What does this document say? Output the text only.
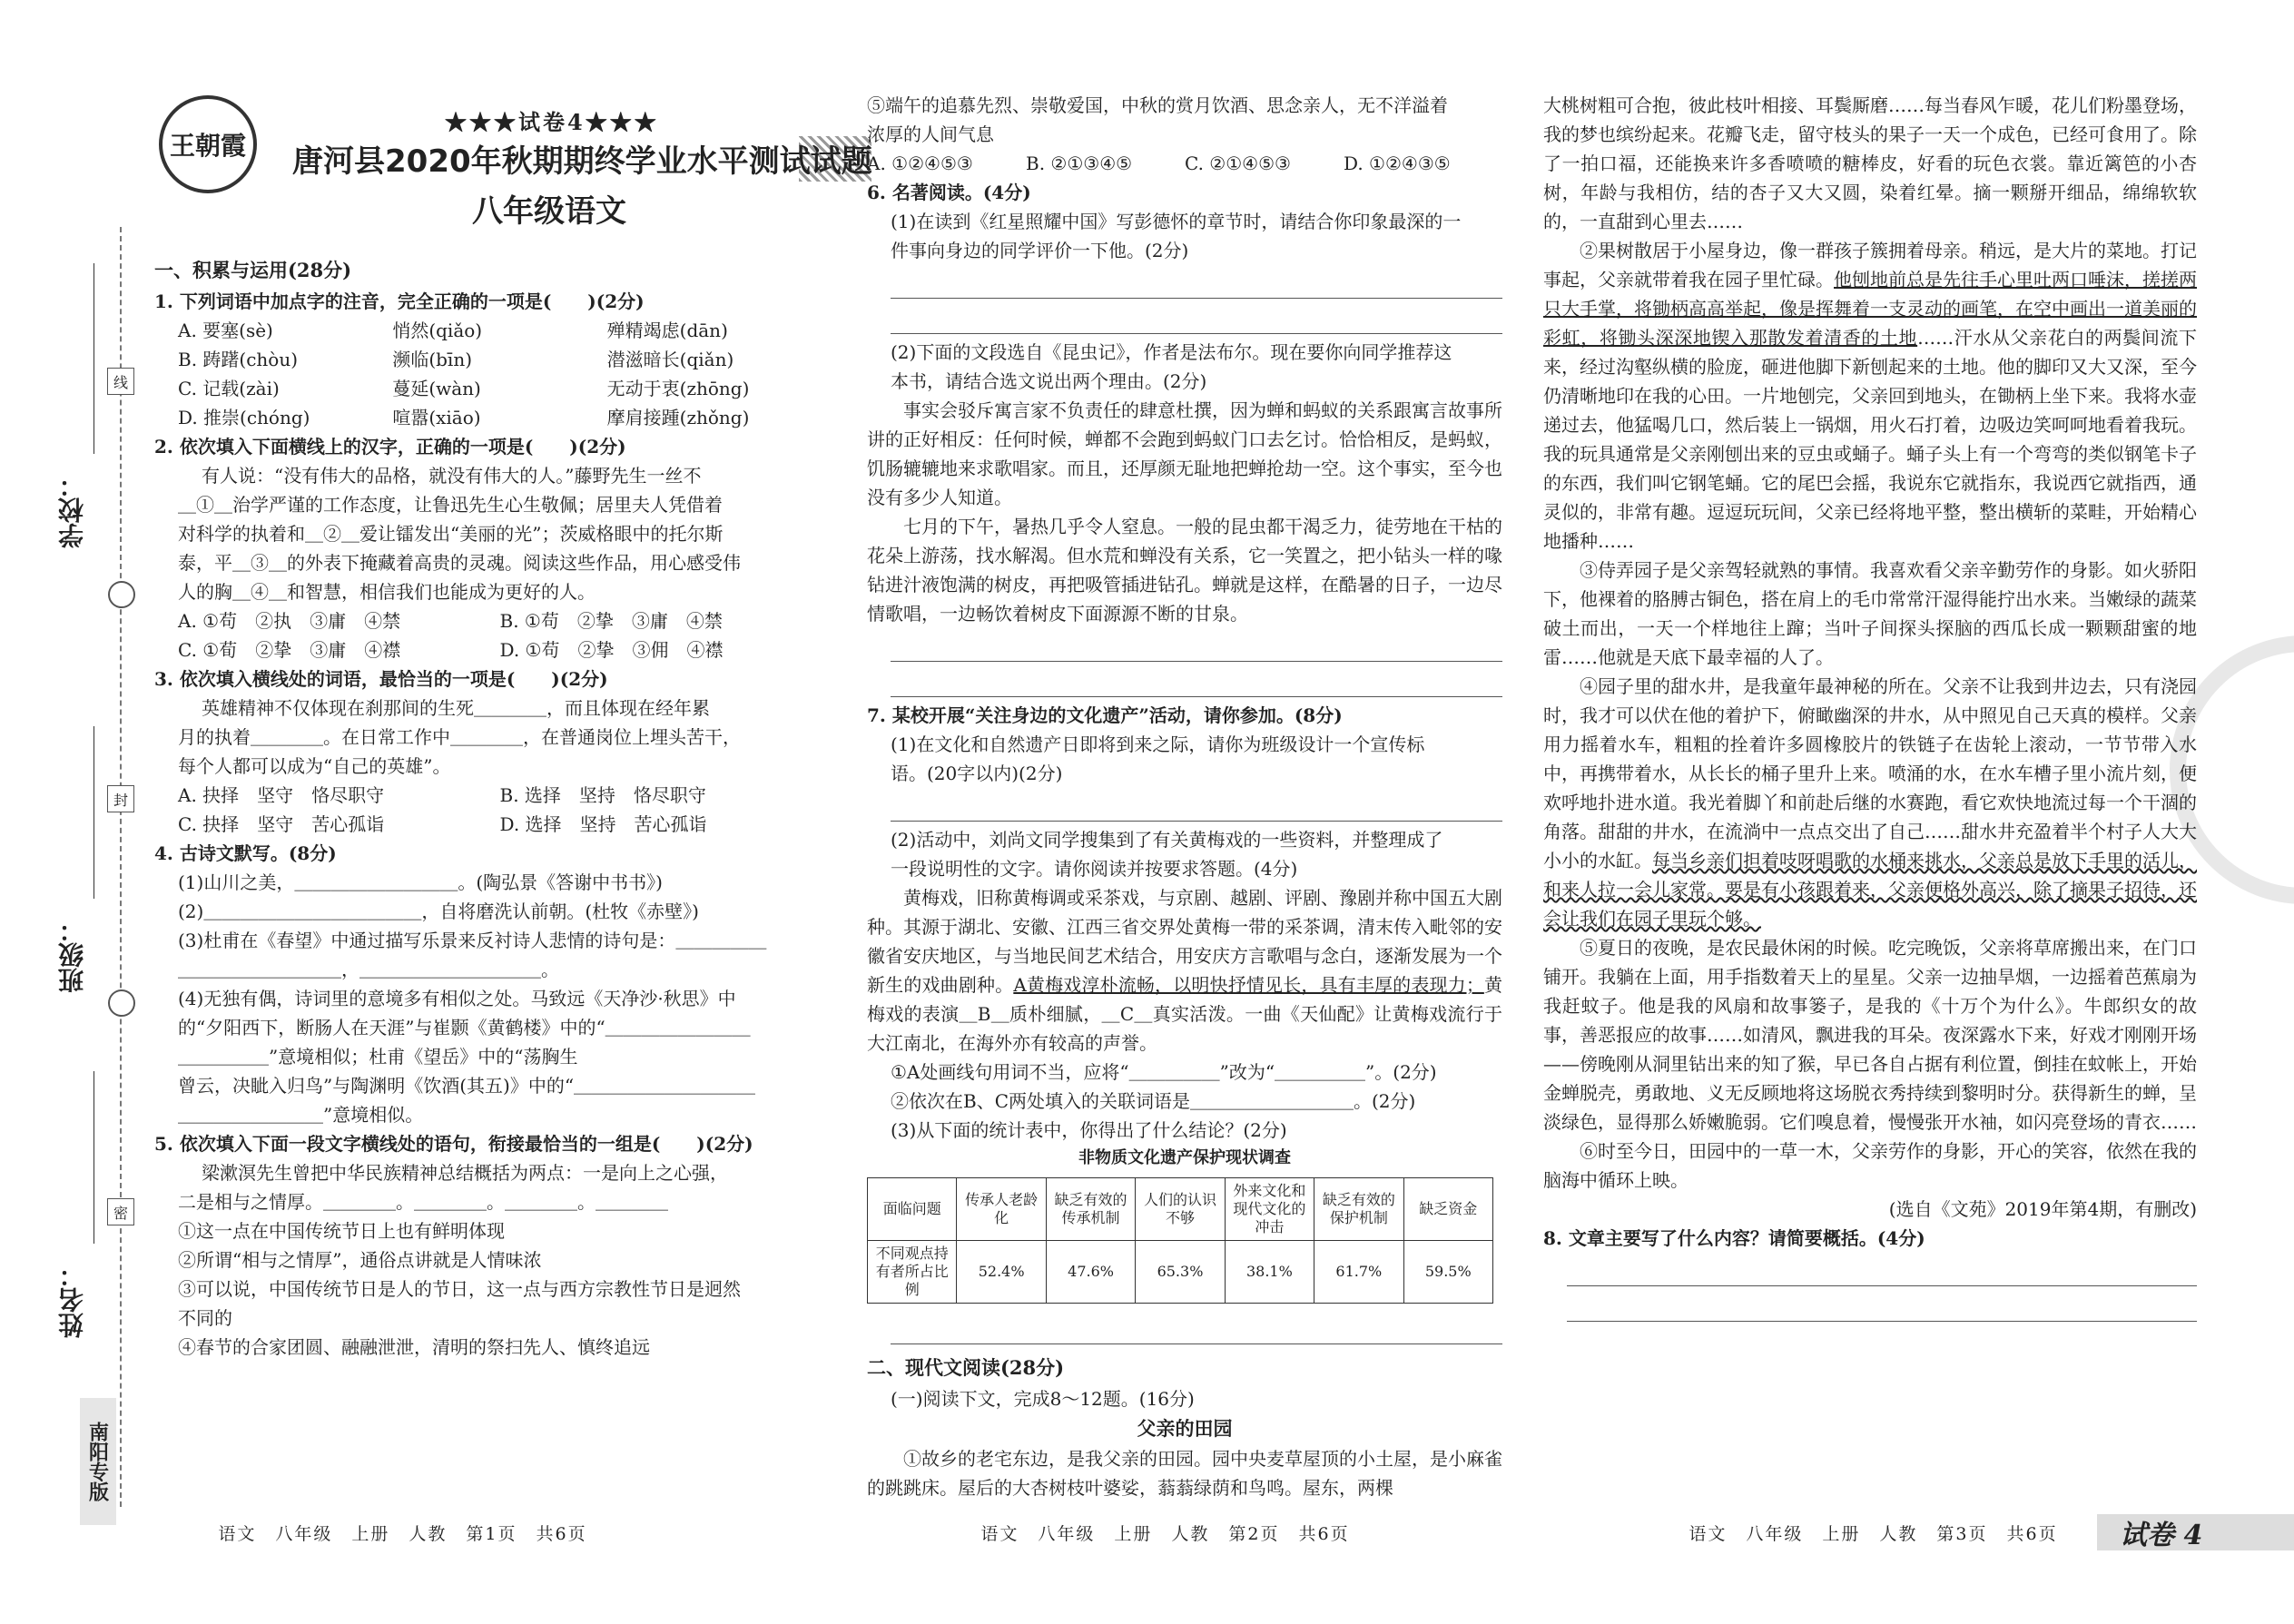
王朝霞
★★★试卷4★★★
唐河县2020年秋期期终学业水平测试试题
八年级语文
学校：
班级：
姓名：
线
封
密
南阳专版
一、积累与运用(28分)
1. 下列词语中加点字的注音，完全正确的一项是(　　)(2分)
A. 要塞(sè)	悄然(qiǎo)	殚精竭虑(dān)
B. 踌躇(chòu)	濒临(bīn)	潜滋暗长(qiǎn)
C. 记载(zài)	蔓延(wàn)	无动于衷(zhōng)
D. 推崇(chóng)	喧嚣(xiāo)	摩肩接踵(zhǒng)
2. 依次填入下面横线上的汉字，正确的一项是(　　)(2分)
有人说：“没有伟大的品格，就没有伟大的人。”藤野先生一丝不
＿①＿治学严谨的工作态度，让鲁迅先生心生敬佩；居里夫人凭借着
对科学的执着和＿②＿爱让镭发出“美丽的光”；茨威格眼中的托尔斯
泰，平＿③＿的外表下掩藏着高贵的灵魂。阅读这些作品，用心感受伟
人的胸＿④＿和智慧，相信我们也能成为更好的人。
A. ①苟　②执　③庸　④禁	B. ①苟　②挚　③庸　④禁
C. ①荀　②挚　③庸　④襟	D. ①苟　②挚　③佣　④襟
3. 依次填入横线处的词语，最恰当的一项是(　　)(2分)
英雄精神不仅体现在刹那间的生死＿＿＿＿，而且体现在经年累
月的执着＿＿＿＿。在日常工作中＿＿＿＿，在普通岗位上埋头苦干，
每个人都可以成为“自己的英雄”。
A. 抉择　坚守　恪尽职守	B. 选择　坚持　恪尽职守
C. 抉择　坚守　苦心孤诣	D. 选择　坚持　苦心孤诣
4. 古诗文默写。(8分)
(1)山川之美，＿＿＿＿＿＿＿＿＿。(陶弘景《答谢中书书》)
(2)＿＿＿＿＿＿＿＿＿＿＿＿，自将磨洗认前朝。(杜牧《赤壁》)
(3)杜甫在《春望》中通过描写乐景来反衬诗人悲情的诗句是：＿＿＿＿＿
＿＿＿＿＿＿＿＿＿，＿＿＿＿＿＿＿＿＿＿。
(4)无独有偶，诗词里的意境多有相似之处。马致远《天净沙·秋思》中
的“夕阳西下，断肠人在天涯”与崔颢《黄鹤楼》中的“＿＿＿＿＿＿＿＿
＿＿＿＿＿”意境相似；杜甫《望岳》中的“荡胸生
曾云，决眦入归鸟”与陶渊明《饮酒(其五)》中的“＿＿＿＿＿＿＿＿＿＿
＿＿＿＿＿＿＿＿”意境相似。
5. 依次填入下面一段文字横线处的语句，衔接最恰当的一组是(　　)(2分)
梁漱溟先生曾把中华民族精神总结概括为两点：一是向上之心强，
二是相与之情厚。＿＿＿＿。＿＿＿＿。＿＿＿＿。＿＿＿＿
①这一点在中国传统节日上也有鲜明体现
②所谓“相与之情厚”，通俗点讲就是人情味浓
③可以说，中国传统节日是人的节日，这一点与西方宗教性节日是迥然
不同的
④春节的合家团圆、融融泄泄，清明的祭扫先人、慎终追远
⑤端午的追慕先烈、崇敬爱国，中秋的赏月饮酒、思念亲人，无不洋溢着
浓厚的人间气息
A. ①②④⑤③	B. ②①③④⑤	C. ②①④⑤③	D. ①②④③⑤
6. 名著阅读。(4分)
(1)在读到《红星照耀中国》写彭德怀的章节时，请结合你印象最深的一
件事向身边的同学评价一下他。(2分)
(2)下面的文段选自《昆虫记》，作者是法布尔。现在要你向同学推荐这
本书，请结合选文说出两个理由。(2分)
事实会驳斥寓言家不负责任的肆意杜撰，因为蝉和蚂蚁的关系跟寓言故事所讲的正好相反：任何时候，蝉都不会跑到蚂蚁门口去乞讨。恰恰相反，是蚂蚁，饥肠辘辘地来求歌唱家。而且，还厚颜无耻地把蝉抢劫一空。这个事实，至今也没有多少人知道。
七月的下午，暑热几乎令人窒息。一般的昆虫都干渴乏力，徒劳地在干枯的花朵上游荡，找水解渴。但水荒和蝉没有关系，它一笑置之，把小钻头一样的喙钻进汁液饱满的树皮，再把吸管插进钻孔。蝉就是这样，在酷暑的日子，一边尽情歌唱，一边畅饮着树皮下面源源不断的甘泉。
7. 某校开展“关注身边的文化遗产”活动，请你参加。(8分)
(1)在文化和自然遗产日即将到来之际，请你为班级设计一个宣传标
语。(20字以内)(2分)
(2)活动中，刘尚文同学搜集到了有关黄梅戏的一些资料，并整理成了
一段说明性的文字。请你阅读并按要求答题。(4分)
黄梅戏，旧称黄梅调或采茶戏，与京剧、越剧、评剧、豫剧并称中国五大剧种。其源于湖北、安徽、江西三省交界处黄梅一带的采茶调，清末传入毗邻的安徽省安庆地区，与当地民间艺术结合，用安庆方言歌唱与念白，逐渐发展为一个新生的戏曲剧种。A黄梅戏淳朴流畅，以明快抒情见长，具有丰厚的表现力；黄梅戏的表演＿B＿质朴细腻，＿C＿真实活泼。一曲《天仙配》让黄梅戏流行于大江南北，在海外亦有较高的声誉。
①A处画线句用词不当，应将“＿＿＿＿＿”改为“＿＿＿＿＿”。(2分)
②依次在B、C两处填入的关联词语是＿＿＿＿＿＿＿＿＿。(2分)
(3)从下面的统计表中，你得出了什么结论？(2分)
非物质文化遗产保护现状调查
面临问题	传承人老龄化	缺乏有效的传承机制	人们的认识不够	外来文化和现代文化的冲击	缺乏有效的保护机制	缺乏资金
不同观点持有者所占比例	52.4%	47.6%	65.3%	38.1%	61.7%	59.5%
二、现代文阅读(28分)
(一)阅读下文，完成8～12题。(16分)
父亲的田园
①故乡的老宅东边，是我父亲的田园。园中央麦草屋顶的小土屋，是小麻雀的跳跳床。屋后的大杏树枝叶婆娑，蓊蓊绿荫和鸟鸣。屋东，两棵
大桃树粗可合抱，彼此枝叶相接、耳鬓厮磨……每当春风乍暖，花儿们粉墨登场，我的梦也缤纷起来。花瓣飞走，留守枝头的果子一天一个成色，已经可食用了。除了一拍口福，还能换来许多香喷喷的糖棒皮，好看的玩色衣裳。靠近篱笆的小杏树，年龄与我相仿，结的杏子又大又圆，染着红晕。摘一颗掰开细品，绵绵软软的，一直甜到心里去……
②果树散居于小屋身边，像一群孩子簇拥着母亲。稍远，是大片的菜地。打记事起，父亲就带着我在园子里忙碌。他刨地前总是先往手心里吐两口唾沫，搓搓两只大手掌，将锄柄高高举起，像是挥舞着一支灵动的画笔，在空中画出一道美丽的彩虹，将锄头深深地锲入那散发着清香的土地……汗水从父亲花白的两鬓间流下来，经过沟壑纵横的脸庞，砸进他脚下新刨起来的土地。他的脚印又大又深，至今仍清晰地印在我的心田。一片地刨完，父亲回到地头，在锄柄上坐下来。我将水壶递过去，他猛喝几口，然后装上一锅烟，用火石打着，边吸边笑呵呵地看着我玩。我的玩具通常是父亲刚刨出来的豆虫或蛹子。蛹子头上有一个弯弯的类似钢笔卡子的东西，我们叫它钢笔蛹。它的尾巴会摇，我说东它就指东，我说西它就指西，通灵似的，非常有趣。逗逗玩玩间，父亲已经将地平整，整出横斩的菜畦，开始精心地播种……
③侍弄园子是父亲驾轻就熟的事情。我喜欢看父亲辛勤劳作的身影。如火骄阳下，他裸着的胳膊古铜色，搭在肩上的毛巾常常汗湿得能拧出水来。当嫩绿的蔬菜破土而出，一天一个样地往上蹿；当叶子间探头探脑的西瓜长成一颗颗甜蜜的地雷……他就是天底下最幸福的人了。
④园子里的甜水井，是我童年最神秘的所在。父亲不让我到井边去，只有浇园时，我才可以伏在他的着护下，俯瞰幽深的井水，从中照见自己天真的模样。父亲用力摇着水车，粗粗的拴着许多圆橡胶片的铁链子在齿轮上滚动，一节节带入水中，再携带着水，从长长的桶子里升上来。喷涌的水，在水车槽子里小流片刻，便欢呼地扑进水道。我光着脚丫和前赴后继的水赛跑，看它欢快地流过每一个干涸的角落。甜甜的井水，在流淌中一点点交出了自己……甜水井充盈着半个村子人大大小小的水缸。每当乡亲们担着吱呀唱歌的水桶来挑水，父亲总是放下手里的活儿，和来人拉一会儿家常。要是有小孩跟着来，父亲便格外高兴，除了摘果子招待，还会让我们在园子里玩个够。
⑤夏日的夜晚，是农民最休闲的时候。吃完晚饭，父亲将草席搬出来，在门口铺开。我躺在上面，用手指数着天上的星星。父亲一边抽旱烟，一边摇着芭蕉扇为我赶蚊子。他是我的风扇和故事篓子，是我的《十万个为什么》。牛郎织女的故事，善恶报应的故事……如清风，飘进我的耳朵。夜深露水下来，好戏才刚刚开场——傍晚刚从洞里钻出来的知了猴，早已各自占据有利位置，倒挂在蚊帐上，开始金蝉脱壳，勇敢地、义无反顾地将这场脱衣秀持续到黎明时分。获得新生的蝉，呈淡绿色，显得那么娇嫩脆弱。它们嗅息着，慢慢张开水袖，如闪亮登场的青衣……
⑥时至今日，田园中的一草一木，父亲劳作的身影，开心的笑容，依然在我的脑海中循环上映。
(选自《文苑》2019年第4期，有删改)
8. 文章主要写了什么内容？请简要概括。(4分)
语文　八年级　上册　人教　第1页　共6页	语文　八年级　上册　人教　第2页　共6页	语文　八年级　上册　人教　第3页　共6页	试卷 4
